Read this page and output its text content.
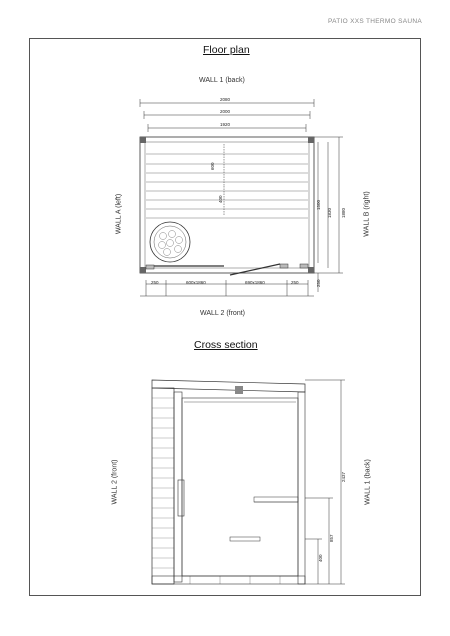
PATIO XXS THERMO SAUNA
Floor plan
WALL 1 (back)
WALL 2 (front)
WALL A (left)	WALL B (right)
2080
2000
1920
600
400
1500
1830 1880
250
250	600x1860	690x1860	250
Cross section
WALL 2 (front)	WALL 1 (back)
2437
857
400
